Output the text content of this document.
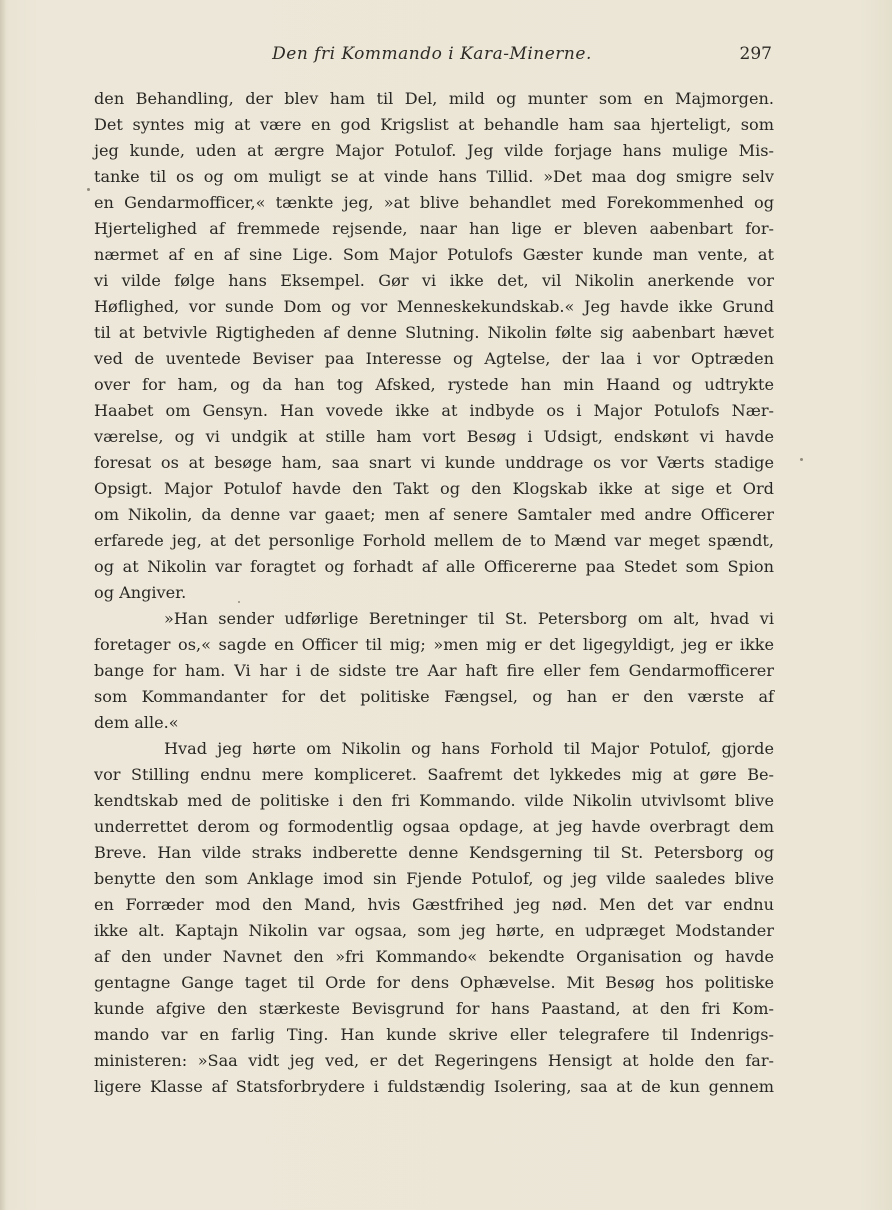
Den fri Kommando i Kara-Minerne.	297
den Behandling, der blev ham til Del, mild og munter som en Majmorgen.
Det syntes mig at være en god Krigslist at behandle ham saa hjerteligt, som
jeg kunde, uden at ærgre Major Potulof. Jeg vilde forjage hans mulige Mis-
tanke til os og om muligt se at vinde hans Tillid. »Det maa dog smigre selv
en Gendarmofficer,« tænkte jeg, »at blive behandlet med Forekommenhed og
Hjertelighed af fremmede rejsende, naar han lige er bleven aabenbart for-
nærmet af en af sine Lige. Som Major Potulofs Gæster kunde man vente, at
vi vilde følge hans Eksempel. Gør vi ikke det, vil Nikolin anerkende vor
Høflighed, vor sunde Dom og vor Menneskekundskab.« Jeg havde ikke Grund
til at betvivle Rigtigheden af denne Slutning. Nikolin følte sig aabenbart hævet
ved de uventede Beviser paa Interesse og Agtelse, der laa i vor Optræden
over for ham, og da han tog Afsked, rystede han min Haand og udtrykte
Haabet om Gensyn. Han vovede ikke at indbyde os i Major Potulofs Nær-
værelse, og vi undgik at stille ham vort Besøg i Udsigt, endskønt vi havde
foresat os at besøge ham, saa snart vi kunde unddrage os vor Værts stadige
Opsigt. Major Potulof havde den Takt og den Klogskab ikke at sige et Ord
om Nikolin, da denne var gaaet; men af senere Samtaler med andre Officerer
erfarede jeg, at det personlige Forhold mellem de to Mænd var meget spændt,
og at Nikolin var foragtet og forhadt af alle Officererne paa Stedet som Spion
og Angiver.
»Han sender udførlige Beretninger til St. Petersborg om alt, hvad vi
foretager os,« sagde en Officer til mig; »men mig er det ligegyldigt, jeg er ikke
bange for ham. Vi har i de sidste tre Aar haft fire eller fem Gendarmofficerer
som Kommandanter for det politiske Fængsel, og han er den værste af
dem alle.«
Hvad jeg hørte om Nikolin og hans Forhold til Major Potulof, gjorde
vor Stilling endnu mere kompliceret. Saafremt det lykkedes mig at gøre Be-
kendtskab med de politiske i den fri Kommando. vilde Nikolin utvivlsomt blive
underrettet derom og formodentlig ogsaa opdage, at jeg havde overbragt dem
Breve. Han vilde straks indberette denne Kendsgerning til St. Petersborg og
benytte den som Anklage imod sin Fjende Potulof, og jeg vilde saaledes blive
en Forræder mod den Mand, hvis Gæstfrihed jeg nød. Men det var endnu
ikke alt. Kaptajn Nikolin var ogsaa, som jeg hørte, en udpræget Modstander
af den under Navnet den »fri Kommando« bekendte Organisation og havde
gentagne Gange taget til Orde for dens Ophævelse. Mit Besøg hos politiske
kunde afgive den stærkeste Bevisgrund for hans Paastand, at den fri Kom-
mando var en farlig Ting. Han kunde skrive eller telegrafere til Indenrigs-
ministeren: »Saa vidt jeg ved, er det Regeringens Hensigt at holde den far-
ligere Klasse af Statsforbrydere i fuldstændig Isolering, saa at de kun gennem
